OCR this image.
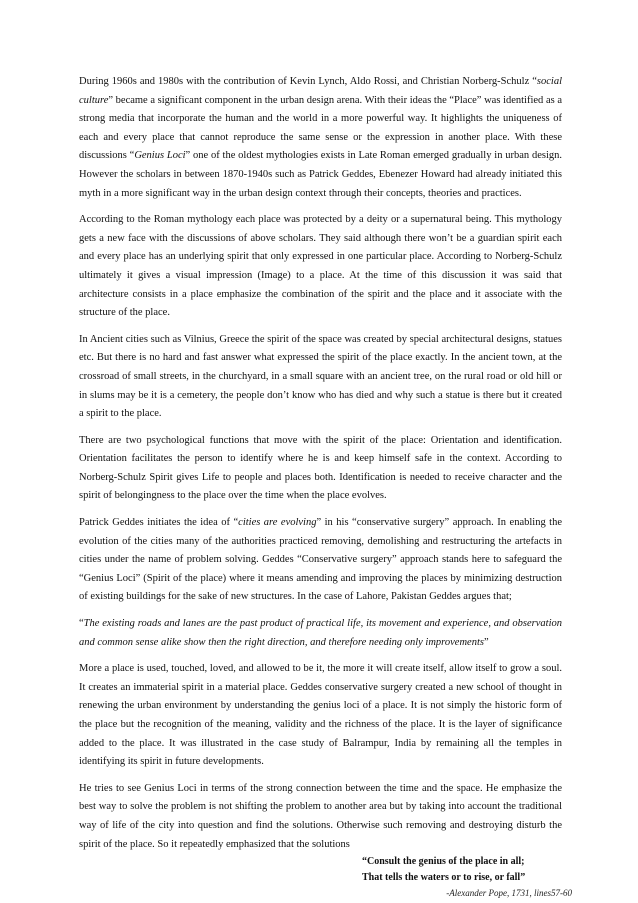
During 1960s and 1980s with the contribution of Kevin Lynch, Aldo Rossi, and Christian Norberg-Schulz “social culture” became a significant component in the urban design arena. With their ideas the “Place” was identified as a strong media that incorporate the human and the world in a more powerful way. It highlights the uniqueness of each and every place that cannot reproduce the same sense or the expression in another place. With these discussions “Genius Loci” one of the oldest mythologies exists in Late Roman emerged gradually in urban design. However the scholars in between 1870-1940s such as Patrick Geddes, Ebenezer Howard had already initiated this myth in a more significant way in the urban design context through their concepts, theories and practices.

According to the Roman mythology each place was protected by a deity or a supernatural being. This mythology gets a new face with the discussions of above scholars. They said although there won’t be a guardian spirit each and every place has an underlying spirit that only expressed in one particular place. According to Norberg-Schulz ultimately it gives a visual impression (Image) to a place. At the time of this discussion it was said that architecture consists in a place emphasize the combination of the spirit and the place and it associate with the structure of the place.

In Ancient cities such as Vilnius, Greece the spirit of the space was created by special architectural designs, statues etc. But there is no hard and fast answer what expressed the spirit of the place exactly. In the ancient town, at the crossroad of small streets, in the churchyard, in a small square with an ancient tree, on the rural road or old hill or in slums may be it is a cemetery, the people don’t know who has died and why such a statue is there but it created a spirit to the place.

There are two psychological functions that move with the spirit of the place: Orientation and identification. Orientation facilitates the person to identify where he is and keep himself safe in the context. According to Norberg-Schulz Spirit gives Life to people and places both. Identification is needed to receive character and the spirit of belongingness to the place over the time when the place evolves.

Patrick Geddes initiates the idea of “cities are evolving” in his “conservative surgery” approach. In enabling the evolution of the cities many of the authorities practiced removing, demolishing and restructuring the artefacts in cities under the name of problem solving. Geddes “Conservative surgery” approach stands here to safeguard the “Genius Loci” (Spirit of the place) where it means amending and improving the places by minimizing destruction of existing buildings for the sake of new structures. In the case of Lahore, Pakistan Geddes argues that;

“The existing roads and lanes are the past product of practical life, its movement and experience, and observation and common sense alike show then the right direction, and therefore needing only improvements”

More a place is used, touched, loved, and allowed to be it, the more it will create itself, allow itself to grow a soul. It creates an immaterial spirit in a material place. Geddes conservative surgery created a new school of thought in renewing the urban environment by understanding the genius loci of a place. It is not simply the historic form of the place but the recognition of the meaning, validity and the richness of the place. It is the layer of significance added to the place. It was illustrated in the case study of Balrampur, India by remaining all the temples in identifying its spirit in future developments.

He tries to see Genius Loci in terms of the strong connection between the time and the space. He emphasize the best way to solve the problem is not shifting the problem to another area but by taking into account the traditional way of life of the city into question and find the solutions. Otherwise such removing and destroying disturb the spirit of the place. So it repeatedly emphasized that the solutions

“Consult the genius of the place in all;
That tells the waters or to rise, or fall”
-Alexander Pope, 1731, lines57-60
